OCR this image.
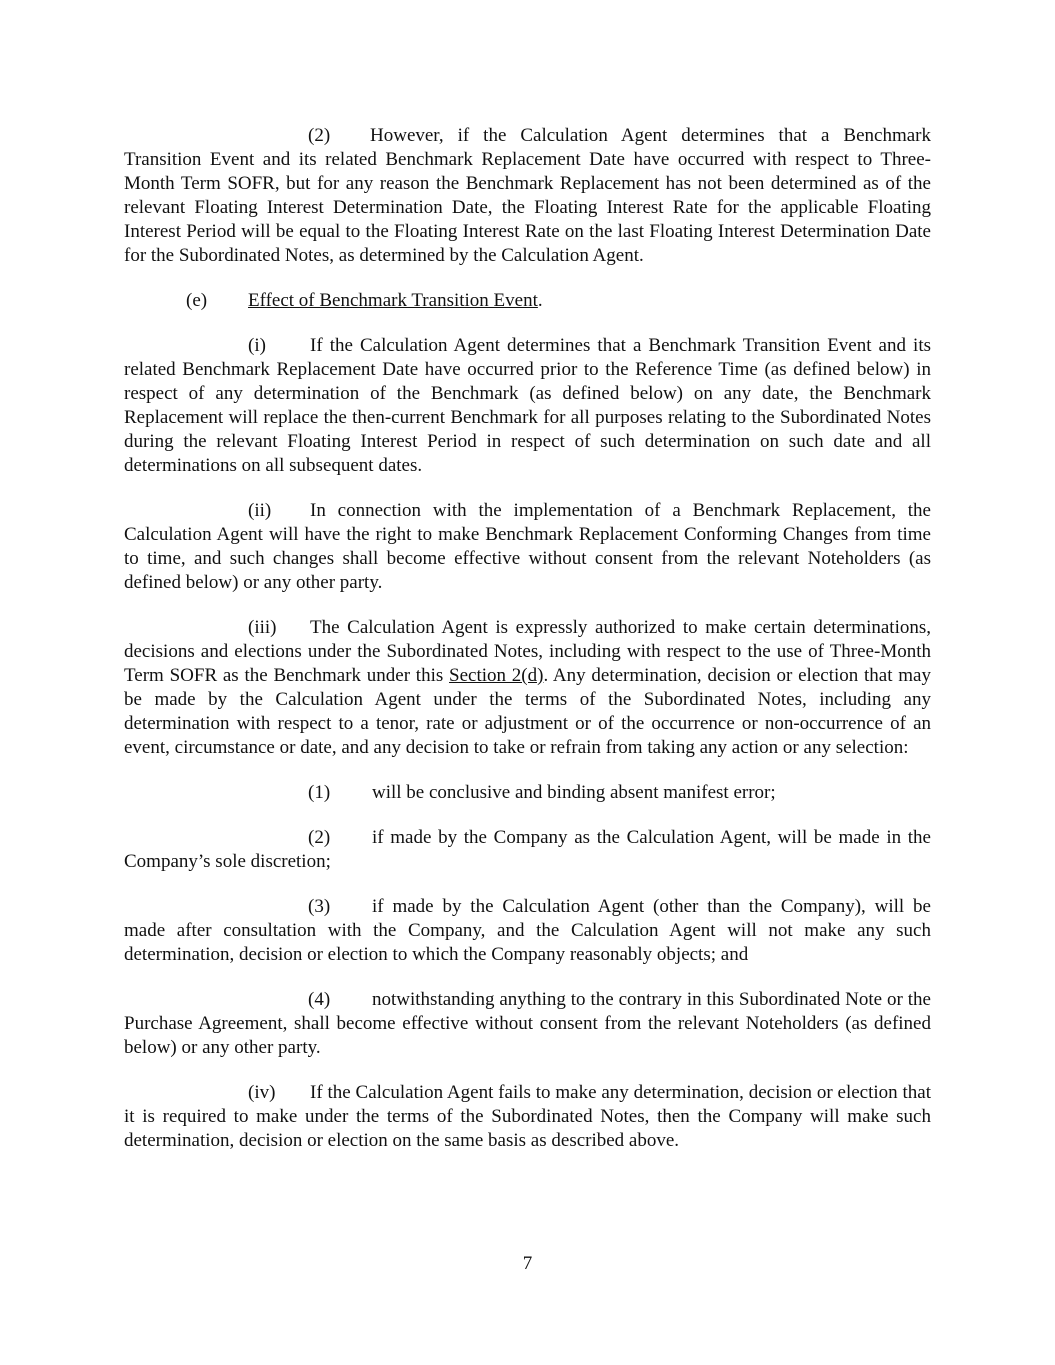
(2) However, if the Calculation Agent determines that a Benchmark Transition Event and its related Benchmark Replacement Date have occurred with respect to Three-Month Term SOFR, but for any reason the Benchmark Replacement has not been determined as of the relevant Floating Interest Determination Date, the Floating Interest Rate for the applicable Floating Interest Period will be equal to the Floating Interest Rate on the last Floating Interest Determination Date for the Subordinated Notes, as determined by the Calculation Agent.

(e) Effect of Benchmark Transition Event.

(i) If the Calculation Agent determines that a Benchmark Transition Event and its related Benchmark Replacement Date have occurred prior to the Reference Time (as defined below) in respect of any determination of the Benchmark (as defined below) on any date, the Benchmark Replacement will replace the then-current Benchmark for all purposes relating to the Subordinated Notes during the relevant Floating Interest Period in respect of such determination on such date and all determinations on all subsequent dates.

(ii) In connection with the implementation of a Benchmark Replacement, the Calculation Agent will have the right to make Benchmark Replacement Conforming Changes from time to time, and such changes shall become effective without consent from the relevant Noteholders (as defined below) or any other party.

(iii) The Calculation Agent is expressly authorized to make certain determinations, decisions and elections under the Subordinated Notes, including with respect to the use of Three-Month Term SOFR as the Benchmark under this Section 2(d). Any determination, decision or election that may be made by the Calculation Agent under the terms of the Subordinated Notes, including any determination with respect to a tenor, rate or adjustment or of the occurrence or non-occurrence of an event, circumstance or date, and any decision to take or refrain from taking any action or any selection:

(1) will be conclusive and binding absent manifest error;

(2) if made by the Company as the Calculation Agent, will be made in the Company’s sole discretion;

(3) if made by the Calculation Agent (other than the Company), will be made after consultation with the Company, and the Calculation Agent will not make any such determination, decision or election to which the Company reasonably objects; and

(4) notwithstanding anything to the contrary in this Subordinated Note or the Purchase Agreement, shall become effective without consent from the relevant Noteholders (as defined below) or any other party.

(iv) If the Calculation Agent fails to make any determination, decision or election that it is required to make under the terms of the Subordinated Notes, then the Company will make such determination, decision or election on the same basis as described above.

7
